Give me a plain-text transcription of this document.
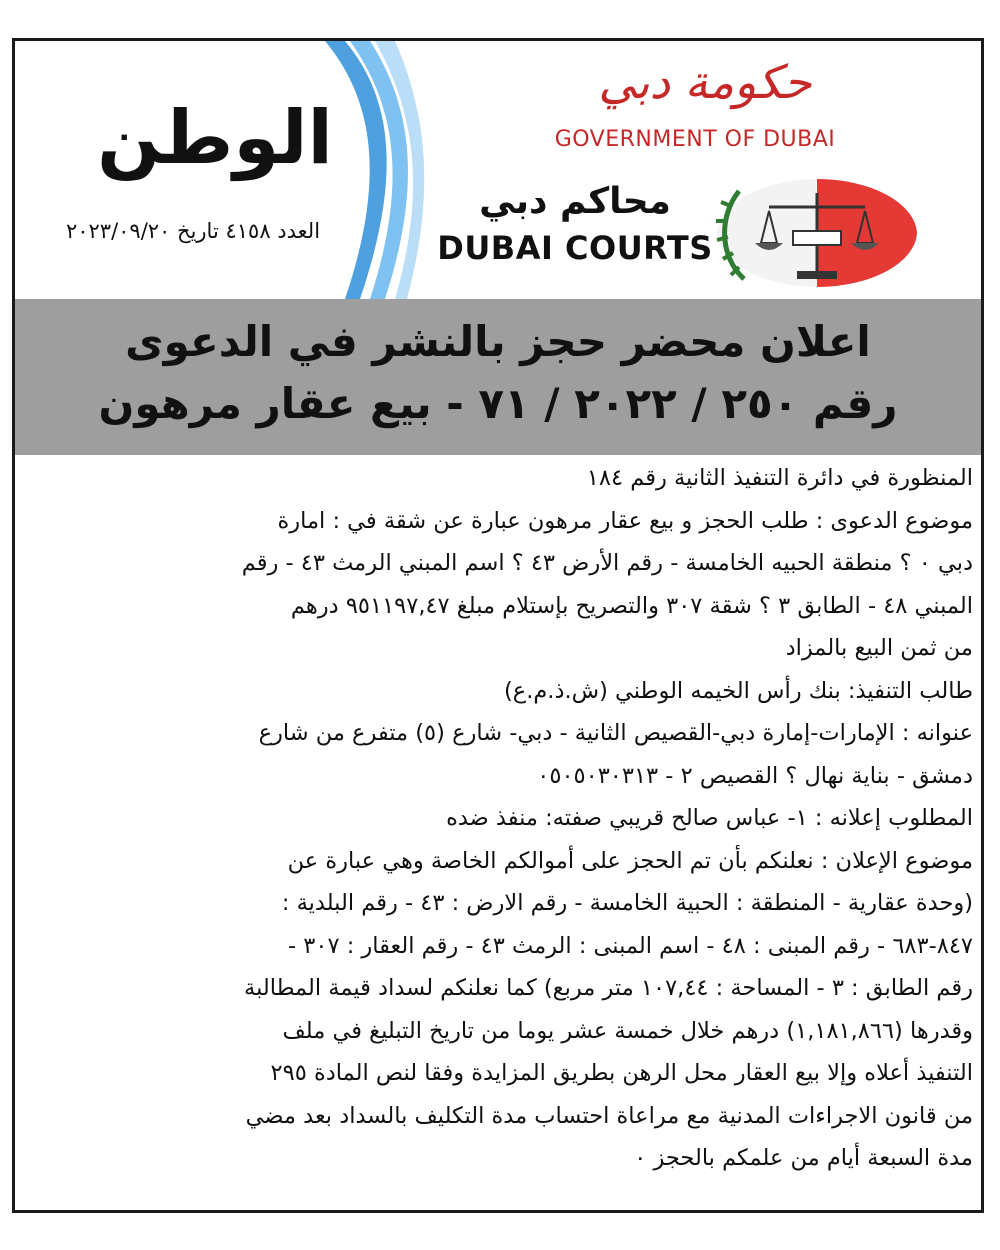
الوطن
العدد ٤١٥٨ تاريخ ٢٠٢٣/٠٩/٢٠
حكومة دبي
GOVERNMENT OF DUBAI
محاكم دبي
DUBAI COURTS
اعلان محضر حجز بالنشر في الدعوى
رقم ٢٥٠ / ٢٠٢٢ / ٧١ - بيع عقار مرهون
المنظورة في دائرة التنفيذ الثانية رقم ١٨٤
موضوع الدعوى : طلب الحجز و بيع عقار مرهون عبارة عن شقة في : امارة
دبي ٠ ؟ منطقة الحبيه الخامسة - رقم الأرض ٤٣ ؟ اسم المبني الرمث ٤٣ - رقم
المبني ٤٨ - الطابق ٣ ؟ شقة ٣٠٧ والتصريح بإستلام مبلغ ٩٥١١٩٧,٤٧ درهم
من ثمن البيع بالمزاد
طالب التنفيذ: بنك رأس الخيمه الوطني (ش.ذ.م.ع)
عنوانه : الإمارات-إمارة دبي-القصيص الثانية - دبي- شارع (٥) متفرع من شارع
دمشق - بناية نهال ؟ القصيص ٢ - ٠٥٠٥٠٣٠٣١٣
المطلوب إعلانه : ١- عباس صالح قريبي صفته: منفذ ضده
موضوع الإعلان : نعلنكم بأن تم الحجز على أموالكم الخاصة وهي عبارة عن
(وحدة عقارية - المنطقة : الحبية الخامسة - رقم الارض : ٤٣ - رقم البلدية :
٨٤٧-٦٨٣ - رقم المبنى : ٤٨ - اسم المبنى : الرمث ٤٣ - رقم العقار : ٣٠٧ -
رقم الطابق : ٣ - المساحة : ١٠٧,٤٤ متر مربع) كما نعلنكم لسداد قيمة المطالبة
وقدرها (١,١٨١,٨٦٦) درهم خلال خمسة عشر يوما من تاريخ التبليغ في ملف
التنفيذ أعلاه وإلا بيع العقار محل الرهن بطريق المزايدة وفقا لنص المادة ٢٩٥
من قانون الاجراءات المدنية مع مراعاة احتساب مدة التكليف بالسداد بعد مضي
مدة السبعة أيام من علمكم بالحجز ٠
